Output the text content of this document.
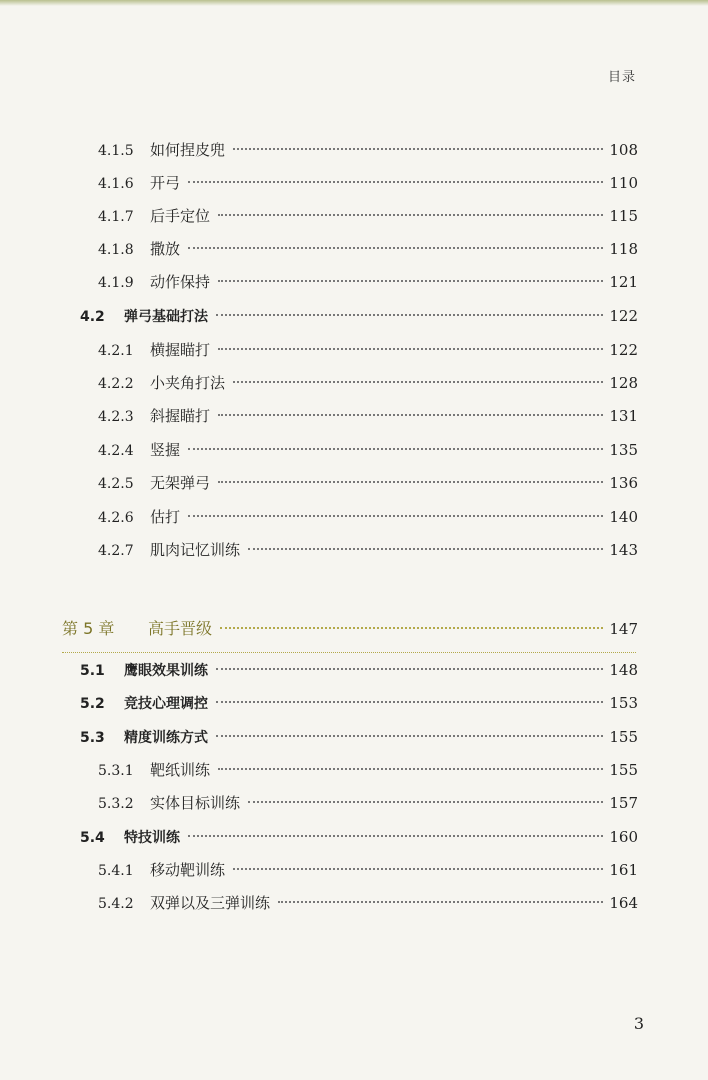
目录
4.1.5	如何捏皮兜	108
4.1.6	开弓	110
4.1.7	后手定位	115
4.1.8	撒放	118
4.1.9	动作保持	121
4.2	弹弓基础打法	122
4.2.1	横握瞄打	122
4.2.2	小夹角打法	128
4.2.3	斜握瞄打	131
4.2.4	竖握	135
4.2.5	无架弹弓	136
4.2.6	估打	140
4.2.7	肌肉记忆训练	143
第 5 章	高手晋级	147
5.1	鹰眼效果训练	148
5.2	竞技心理调控	153
5.3	精度训练方式	155
5.3.1	靶纸训练	155
5.3.2	实体目标训练	157
5.4	特技训练	160
5.4.1	移动靶训练	161
5.4.2	双弹以及三弹训练	164
3
